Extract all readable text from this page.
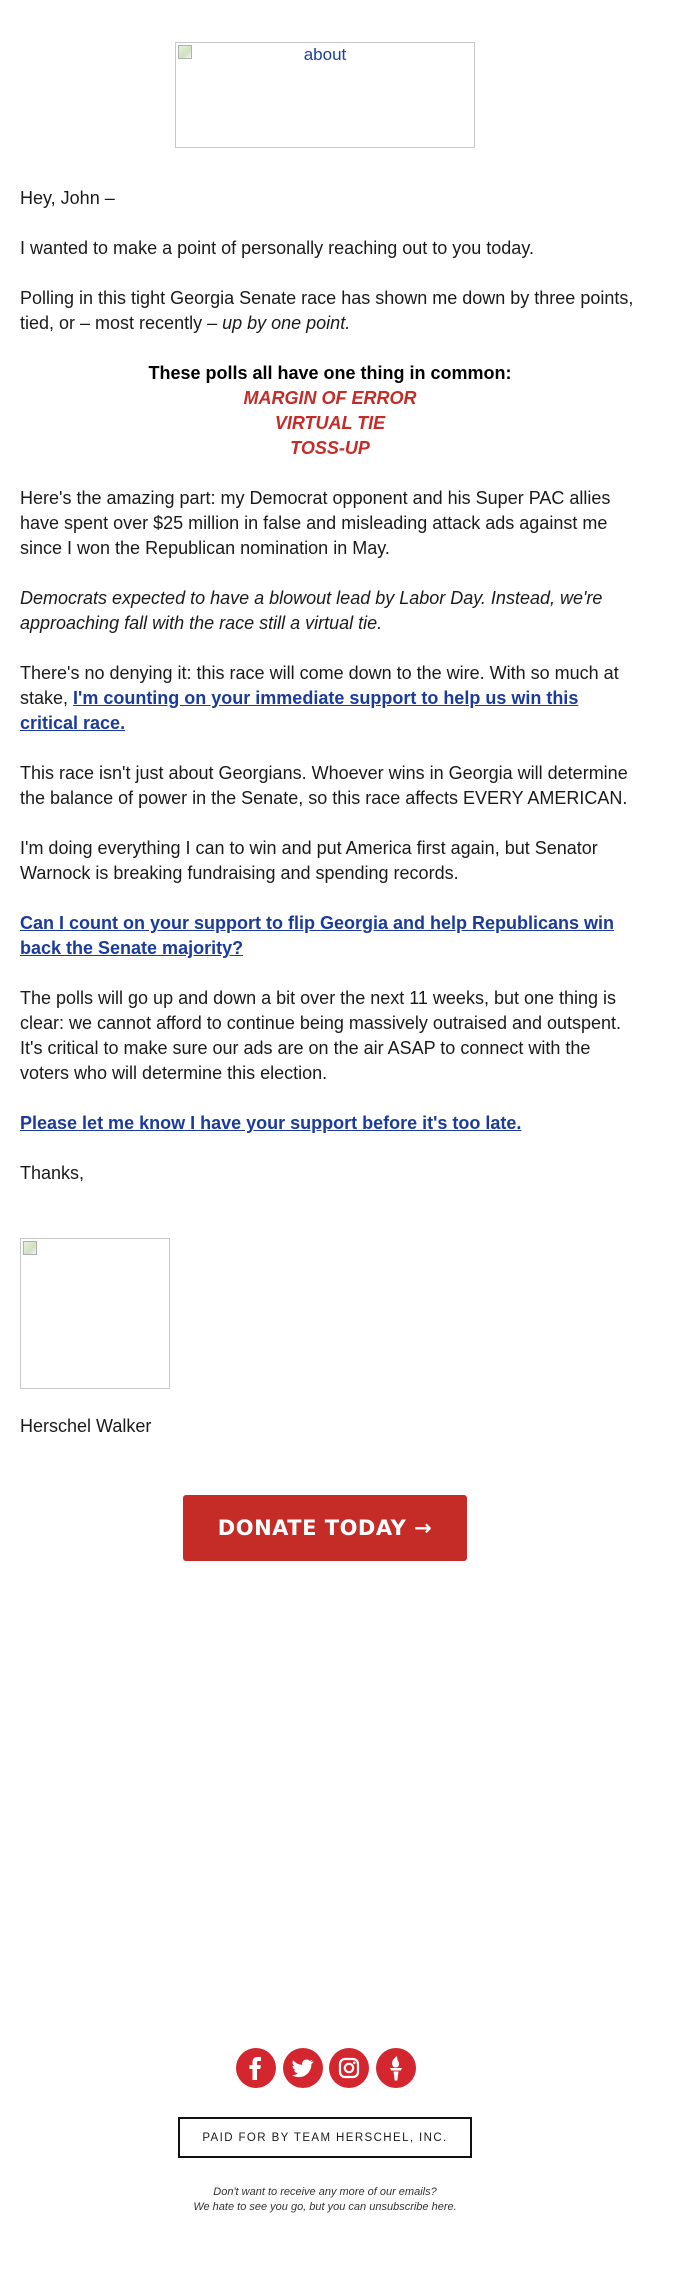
about

Hey, John –

I wanted to make a point of personally reaching out to you today.

Polling in this tight Georgia Senate race has shown me down by three points, tied, or – most recently – up by one point.

These polls all have one thing in common:
MARGIN OF ERROR
VIRTUAL TIE
TOSS-UP

Here's the amazing part: my Democrat opponent and his Super PAC allies have spent over $25 million in false and misleading attack ads against me since I won the Republican nomination in May.

Democrats expected to have a blowout lead by Labor Day. Instead, we're approaching fall with the race still a virtual tie.

There's no denying it: this race will come down to the wire. With so much at stake, I'm counting on your immediate support to help us win this critical race.

This race isn't just about Georgians. Whoever wins in Georgia will determine the balance of power in the Senate, so this race affects EVERY AMERICAN.

I'm doing everything I can to win and put America first again, but Senator Warnock is breaking fundraising and spending records.

Can I count on your support to flip Georgia and help Republicans win back the Senate majority?

The polls will go up and down a bit over the next 11 weeks, but one thing is clear: we cannot afford to continue being massively outraised and outspent. It's critical to make sure our ads are on the air ASAP to connect with the voters who will determine this election.

Please let me know I have your support before it's too late.

Thanks,

Herschel Walker
DONATE TODAY →
PAID FOR BY TEAM HERSCHEL, INC.
Don't want to receive any more of our emails?
We hate to see you go, but you can unsubscribe here.
